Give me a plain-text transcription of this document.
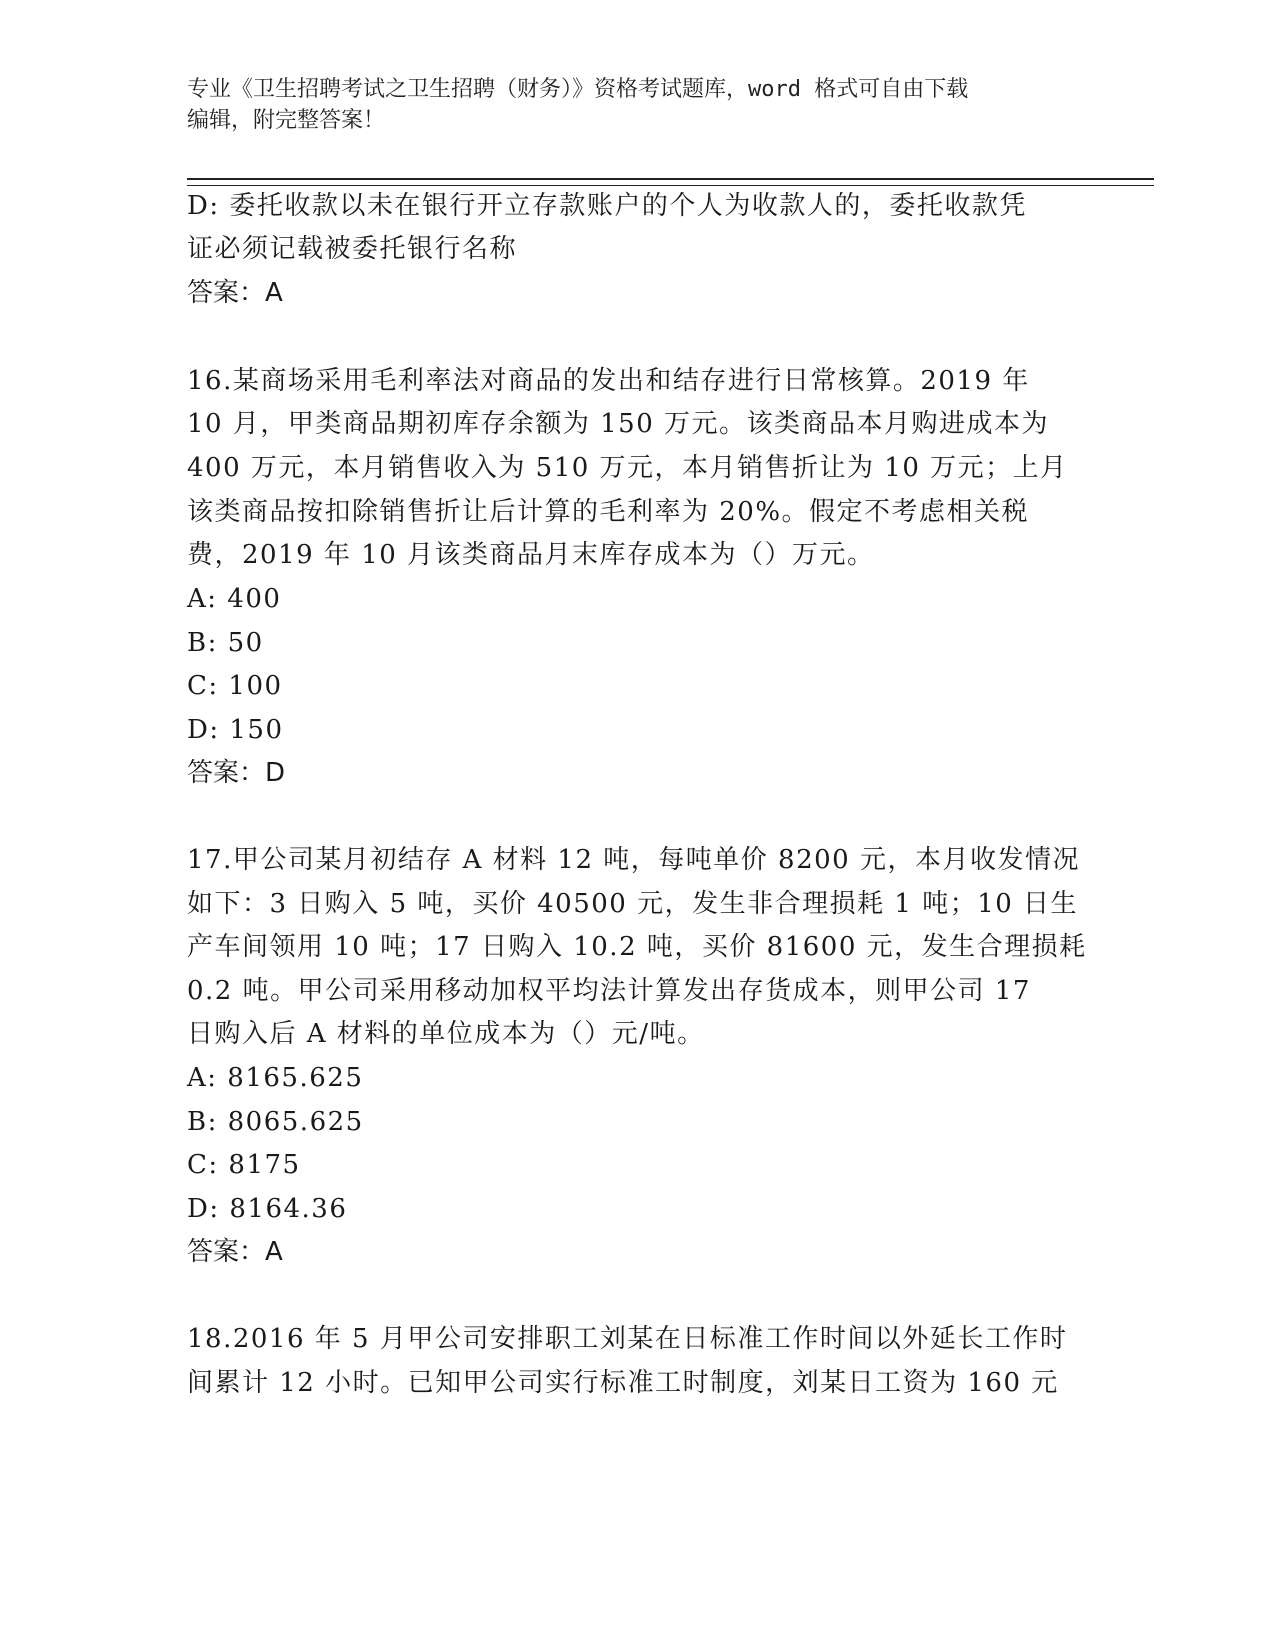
专业《卫生招聘考试之卫生招聘（财务）》资格考试题库，word 格式可自由下载
编辑，附完整答案！
D: 委托收款以未在银行开立存款账户的个人为收款人的，委托收款凭
证必须记载被委托银行名称
答案：A
16.某商场采用毛利率法对商品的发出和结存进行日常核算。2019 年
10 月，甲类商品期初库存余额为 150 万元。该类商品本月购进成本为
400 万元，本月销售收入为 510 万元，本月销售折让为 10 万元；上月
该类商品按扣除销售折让后计算的毛利率为 20%。假定不考虑相关税
费，2019 年 10 月该类商品月末库存成本为（）万元。
A: 400
B: 50
C: 100
D: 150
答案：D
17.甲公司某月初结存 A 材料 12 吨，每吨单价 8200 元，本月收发情况
如下：3 日购入 5 吨，买价 40500 元，发生非合理损耗 1 吨；10 日生
产车间领用 10 吨；17 日购入 10.2 吨，买价 81600 元，发生合理损耗
0.2 吨。甲公司采用移动加权平均法计算发出存货成本，则甲公司 17
日购入后 A 材料的单位成本为（）元/吨。
A: 8165.625
B: 8065.625
C: 8175
D: 8164.36
答案：A
18.2016 年 5 月甲公司安排职工刘某在日标准工作时间以外延长工作时
间累计 12 小时。已知甲公司实行标准工时制度，刘某日工资为 160 元
